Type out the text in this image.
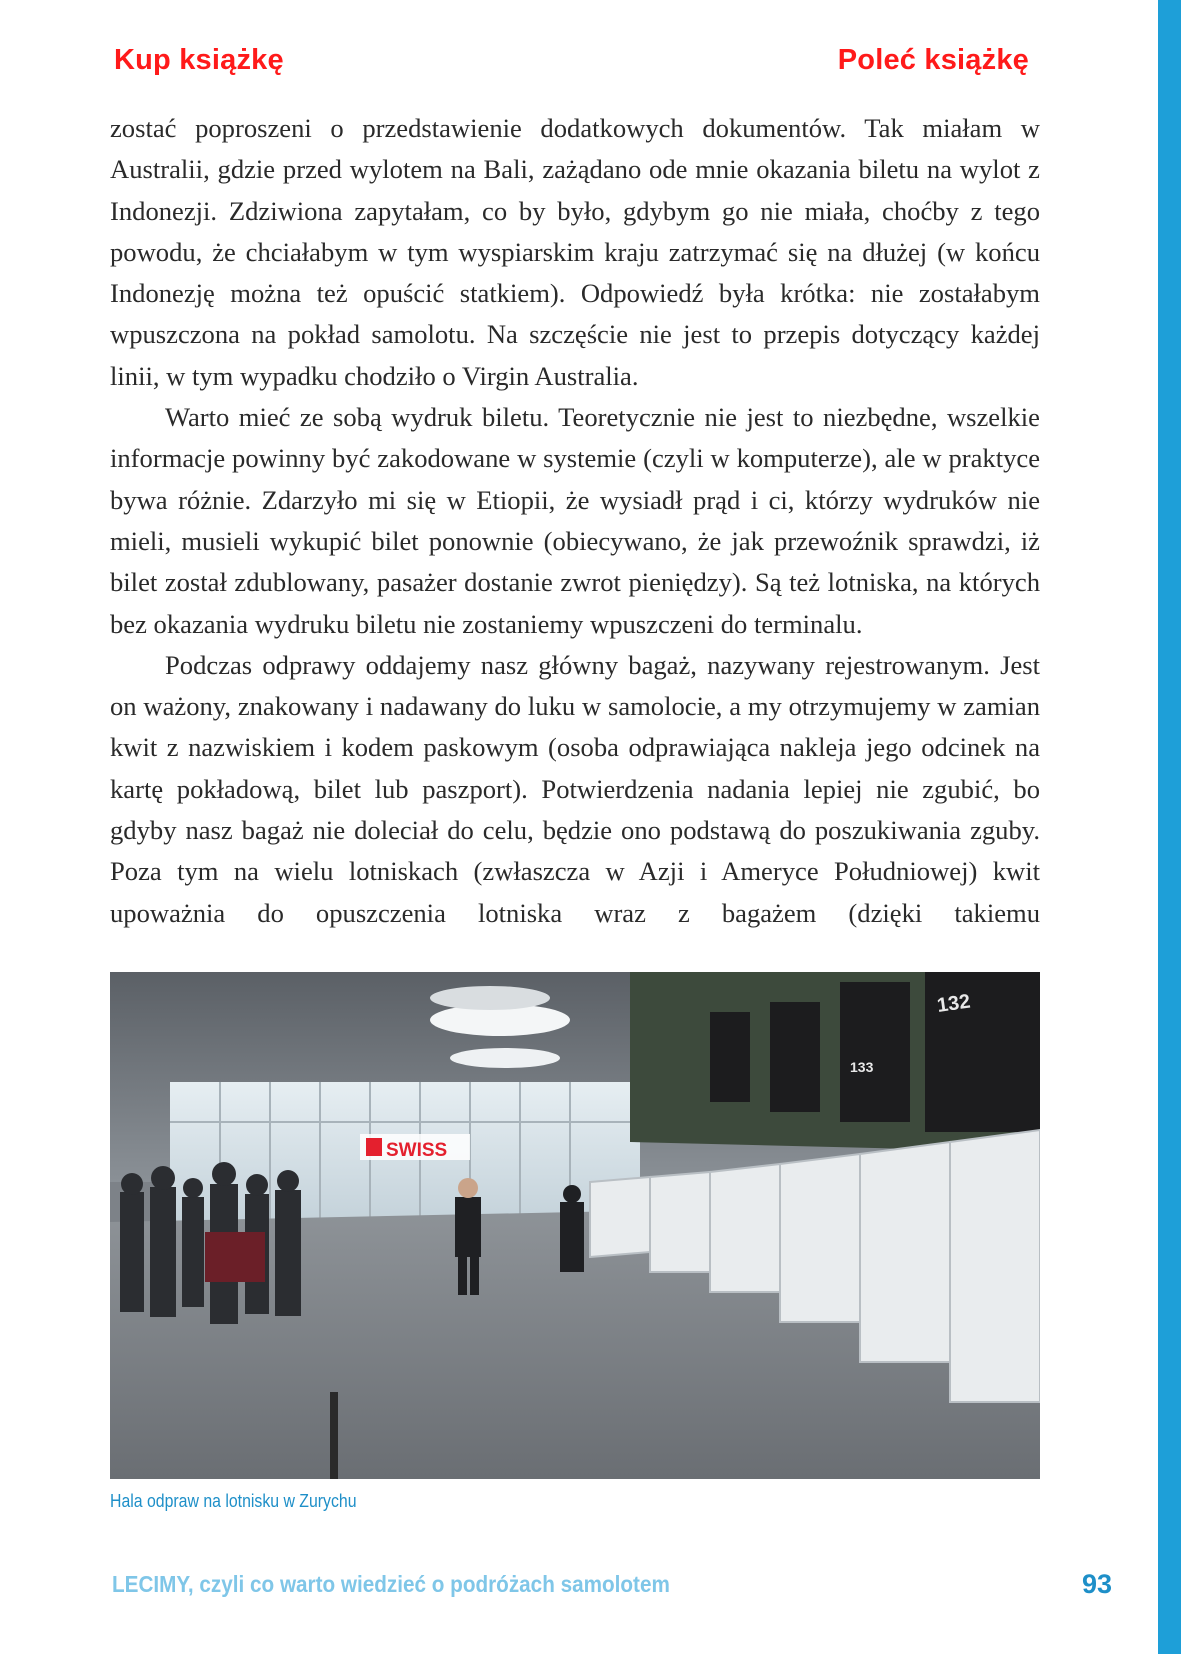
Kup książkę	Poleć książkę

zostać poproszeni o przedstawienie dodatkowych dokumentów. Tak miałam w Australii, gdzie przed wylotem na Bali, zażądano ode mnie okazania biletu na wylot z Indonezji. Zdziwiona zapytałam, co by było, gdybym go nie miała, choćby z tego powodu, że chciałabym w tym wyspiarskim kraju zatrzymać się na dłużej (w końcu Indonezję można też opuścić statkiem). Odpowiedź była krótka: nie zostałabym wpuszczona na pokład samolotu. Na szczęście nie jest to przepis dotyczący każdej linii, w tym wypadku chodziło o Virgin Australia.

Warto mieć ze sobą wydruk biletu. Teoretycznie nie jest to niezbędne, wszelkie informacje powinny być zakodowane w systemie (czyli w komputerze), ale w praktyce bywa różnie. Zdarzyło mi się w Etiopii, że wysiadł prąd i ci, którzy wydruków nie mieli, musieli wykupić bilet ponownie (obiecywano, że jak przewoźnik sprawdzi, iż bilet został zdublowany, pasażer dostanie zwrot pieniędzy). Są też lotniska, na których bez okazania wydruku biletu nie zostaniemy wpuszczeni do terminalu.

Podczas odprawy oddajemy nasz główny bagaż, nazywany rejestrowanym. Jest on ważony, znakowany i nadawany do luku w samolocie, a my otrzymujemy w zamian kwit z nazwiskiem i kodem paskowym (osoba odprawiająca nakleja jego odcinek na kartę pokładową, bilet lub paszport). Potwierdzenia nadania lepiej nie zgubić, bo gdyby nasz bagaż nie doleciał do celu, będzie ono podstawą do poszukiwania zguby. Poza tym na wielu lotniskach (zwłaszcza w Azji i Ameryce Południowej) kwit upoważnia do opuszczenia lotniska wraz z bagażem (dzięki takiemu

SWISS
132
133
Hala odpraw na lotnisku w Zurychu
LECIMY, czyli co warto wiedzieć o podróżach samolotem	93
